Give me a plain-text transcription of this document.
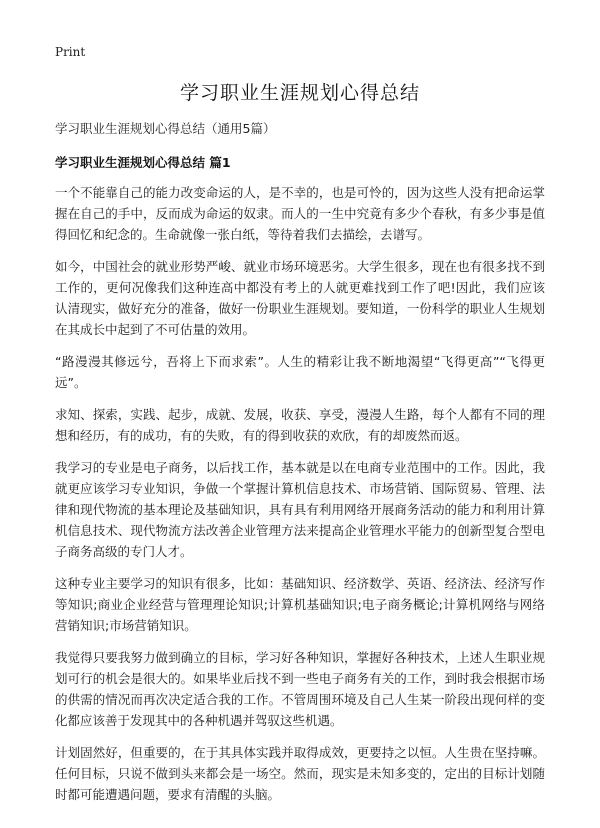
Print
学习职业生涯规划心得总结
学习职业生涯规划心得总结（通用5篇）
学习职业生涯规划心得总结 篇1

一个不能靠自己的能力改变命运的人，是不幸的，也是可怜的，因为这些人没有把命运掌握在自己的手中，反而成为命运的奴隶。而人的一生中究竟有多少个春秋，有多少事是值得回忆和纪念的。生命就像一张白纸，等待着我们去描绘，去谱写。

如今，中国社会的就业形势严峻、就业市场环境恶劣。大学生很多，现在也有很多找不到工作的，更何况像我们这种连高中都没有考上的人就更难找到工作了吧!因此，我们应该认清现实，做好充分的准备，做好一份职业生涯规划。要知道，一份科学的职业人生规划在其成长中起到了不可估量的效用。

“路漫漫其修远兮，吾将上下而求索”。人生的精彩让我不断地渴望“飞得更高”“飞得更远”。

求知、探索，实践、起步，成就、发展，收获、享受，漫漫人生路，每个人都有不同的理想和经历，有的成功，有的失败，有的得到收获的欢欣，有的却废然而返。

我学习的专业是电子商务，以后找工作，基本就是以在电商专业范围中的工作。因此，我就更应该学习专业知识，争做一个掌握计算机信息技术、市场营销、国际贸易、管理、法律和现代物流的基本理论及基础知识，具有具有利用网络开展商务活动的能力和利用计算机信息技术、现代物流方法改善企业管理方法来提高企业管理水平能力的创新型复合型电子商务高级的专门人才。

这种专业主要学习的知识有很多，比如：基础知识、经济数学、英语、经济法、经济写作等知识;商业企业经营与管理理论知识;计算机基础知识;电子商务概论;计算机网络与网络营销知识;市场营销知识。

我觉得只要我努力做到确立的目标，学习好各种知识，掌握好各种技术，上述人生职业规划可行的机会是很大的。如果毕业后找不到一些电子商务有关的工作，到时我会根据市场的供需的情况而再次决定适合我的工作。不管周围环境及自己人生某一阶段出现何样的变化都应该善于发现其中的各种机遇并驾驭这些机遇。

计划固然好，但重要的，在于其具体实践并取得成效，更要持之以恒。人生贵在坚持嘛。任何目标，只说不做到头来都会是一场空。然而，现实是未知多变的，定出的目标计划随时都可能遭遇问题，要求有清醒的头脑。
